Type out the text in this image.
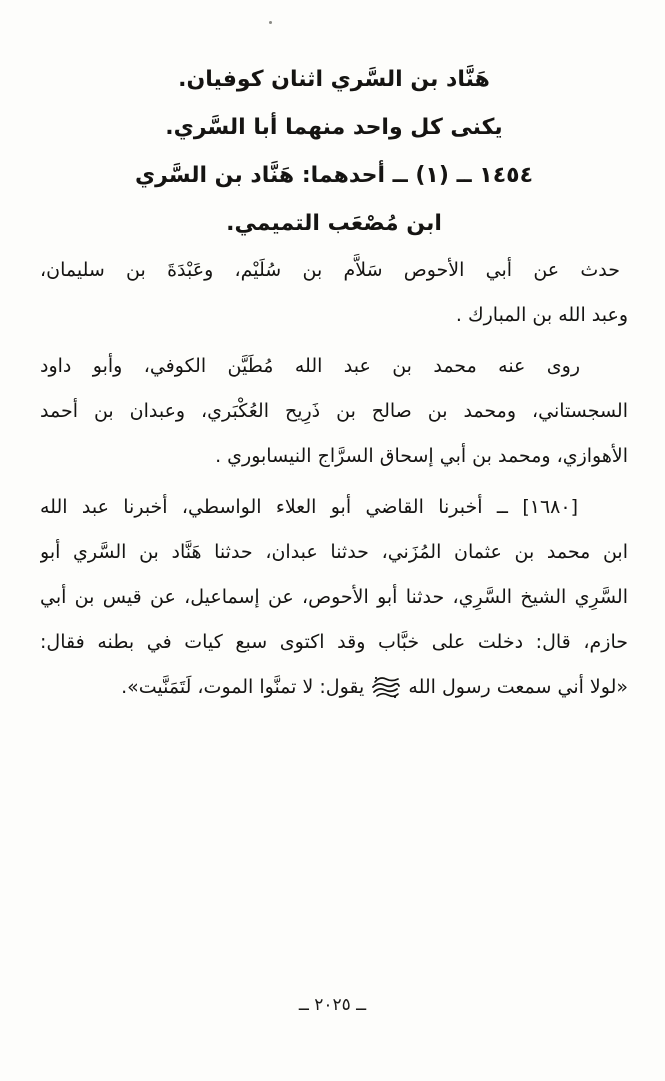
هَنَّاد بن السَّري اثنان كوفيان.
يكنى كل واحد منهما أبا السَّري.
١٤٥٤ ــ (١) ــ أحدهما: هَنَّاد بن السَّري
ابن مُصْعَب التميمي.
حدث عن أبي الأحوص سَلاَّم بن سُلَيْم، وعَبْدَةَ بن سليمان،
وعبد الله بن المبارك .
روى عنه محمد بن عبد الله مُطَيَّن الكوفي، وأبو داود
السجستاني، ومحمد بن صالح بن ذَرِيح العُكْبَري، وعبدان بن أحمد
الأهوازي، ومحمد بن أبي إسحاق السرَّاج النيسابوري .
[١٦٨٠] ــ أخبرنا القاضي أبو العلاء الواسطي، أخبرنا عبد الله
ابن محمد بن عثمان المُزَني، حدثنا عبدان، حدثنا هَنَّاد بن السَّري أبو
السَّرِي الشيخ السَّرِي، حدثنا أبو الأحوص، عن إسماعيل، عن قيس بن أبي
حازم، قال: دخلت على خبَّاب وقد اكتوى سبع كيات في بطنه فقال:
«لولا أني سمعت رسول الله  يقول: لا تمنَّوا الموت، لَتَمَنَّيت».
ــ ٢٠٢٥ ــ
